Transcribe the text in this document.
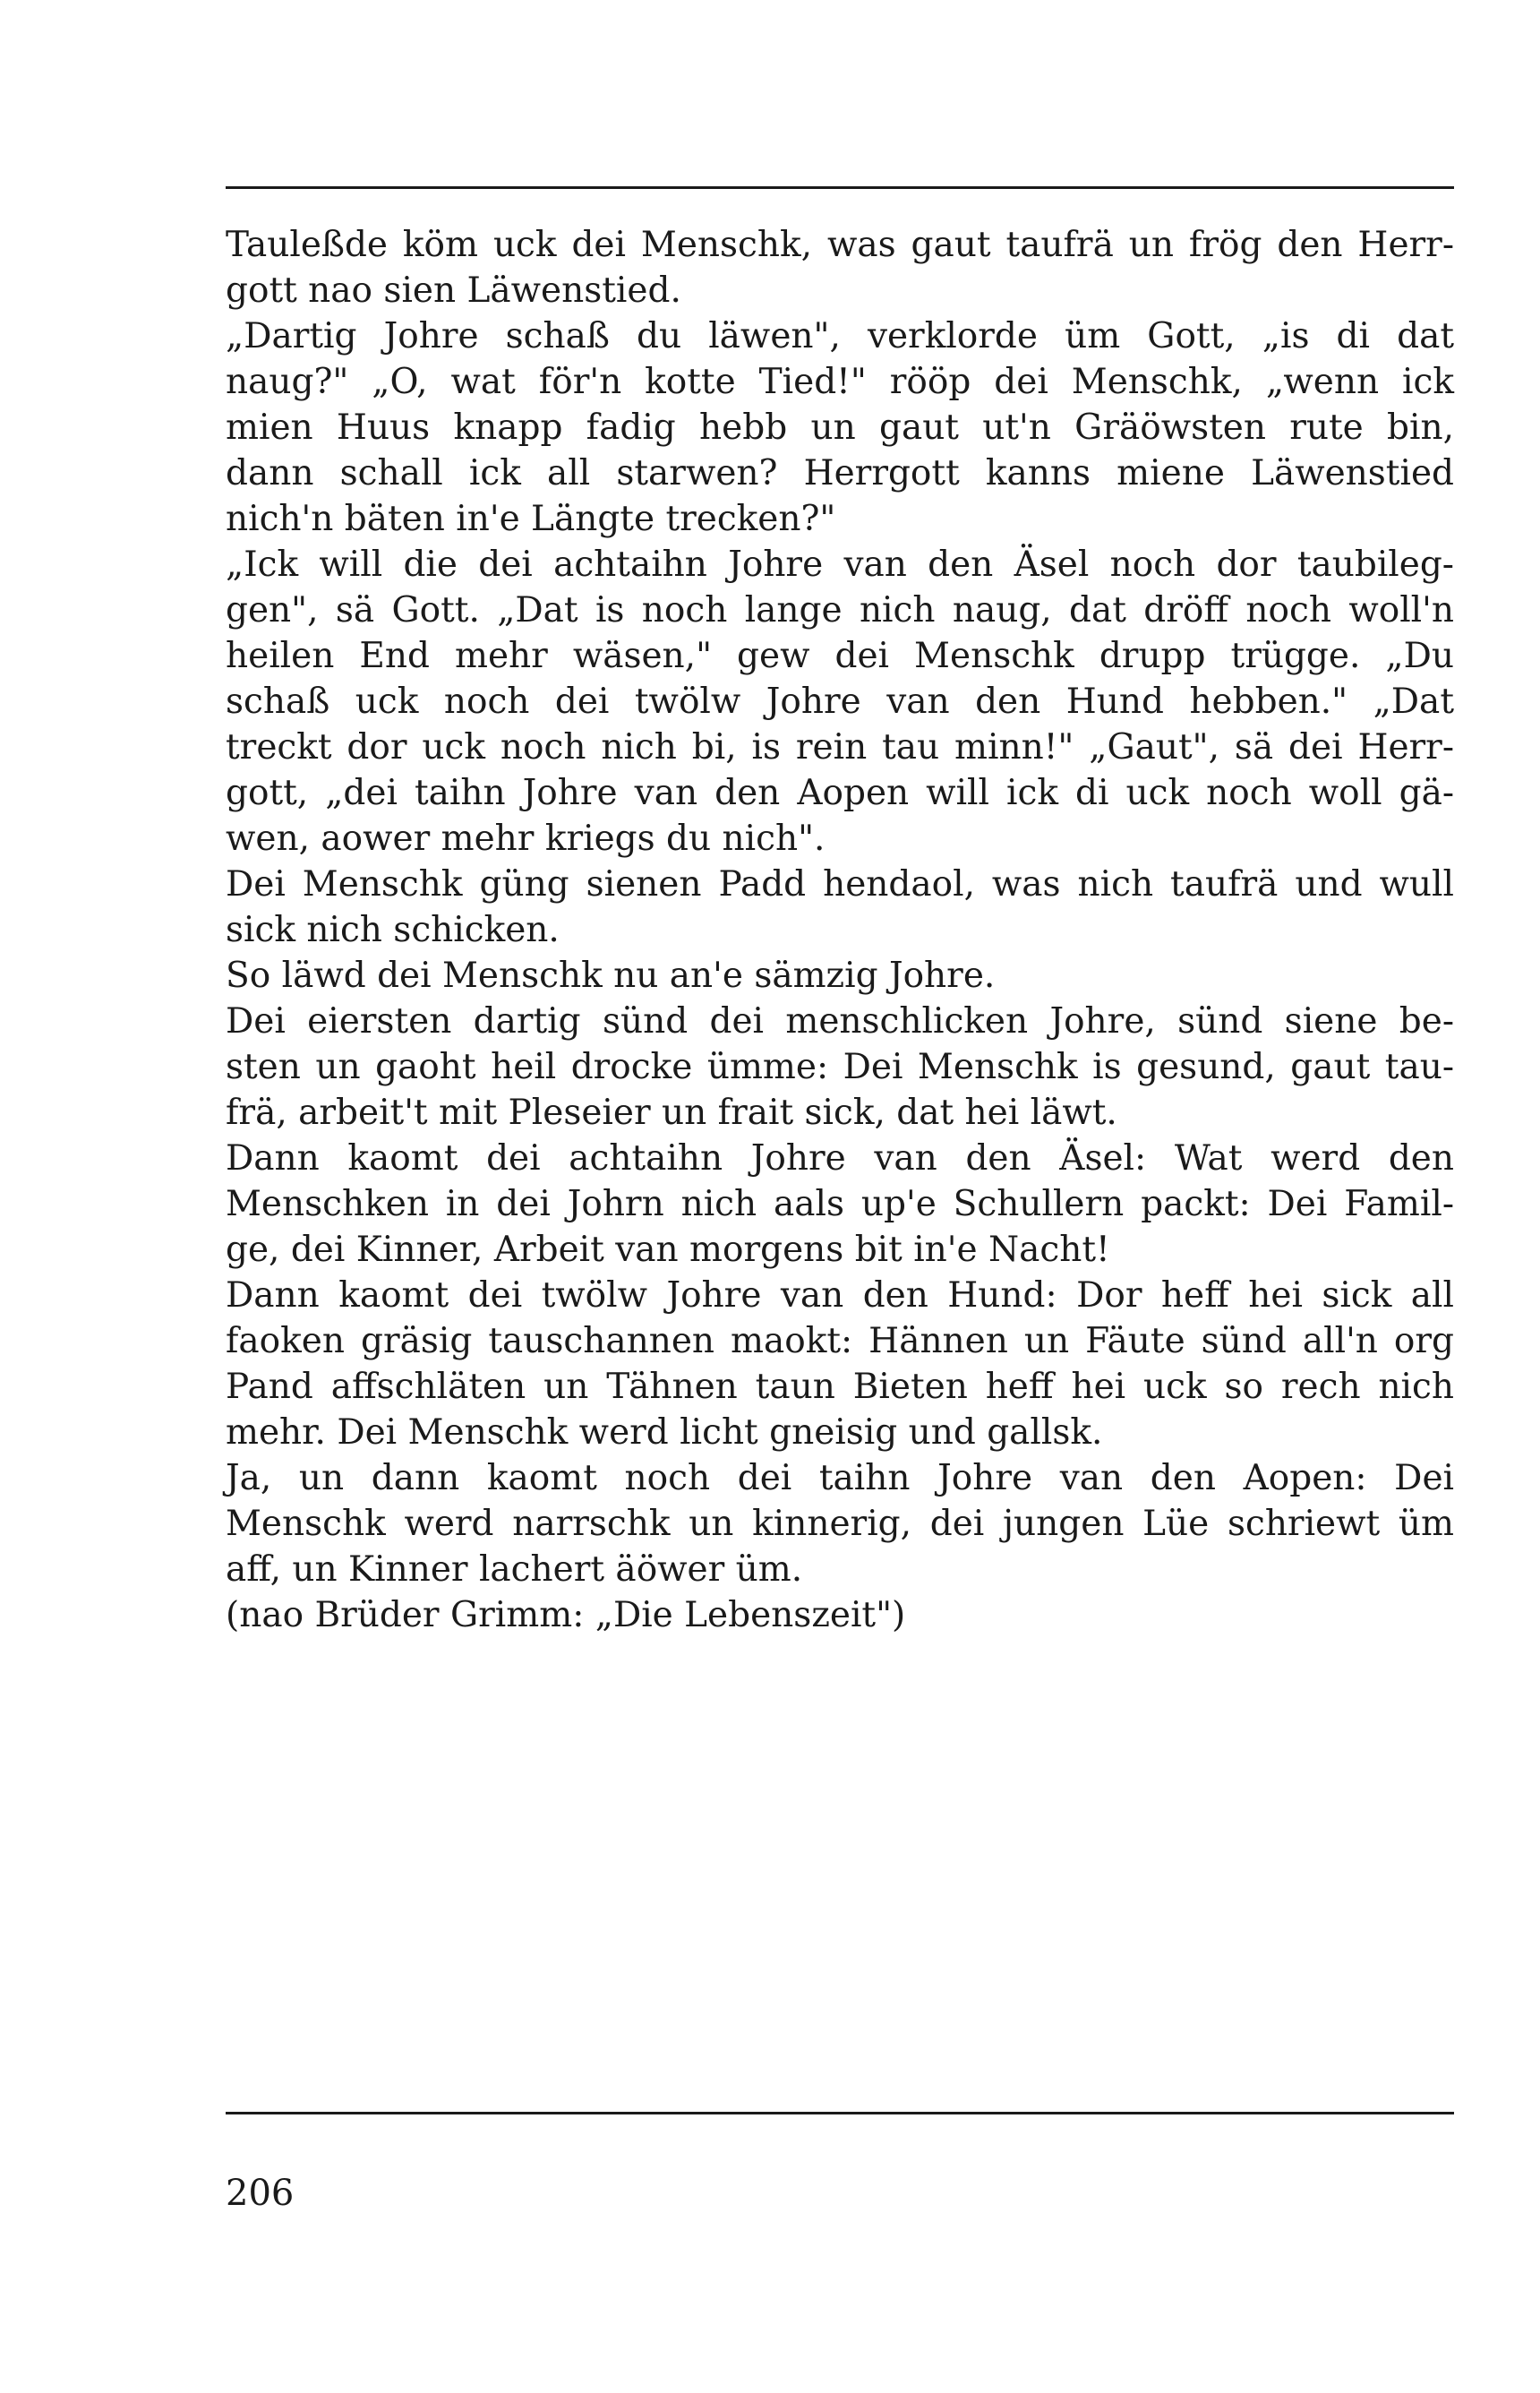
Tauleßde köm uck dei Menschk, was gaut taufrä un frög den Herr-
gott nao sien Läwenstied.
„Dartig Johre schaß du läwen", verklorde üm Gott, „is di dat
naug?" „O, wat för'n kotte Tied!" rööp dei Menschk, „wenn ick
mien Huus knapp fadig hebb un gaut ut'n Gräöwsten rute bin,
dann schall ick all starwen? Herrgott kanns miene Läwenstied
nich'n bäten in'e Längte trecken?"
„Ick will die dei achtaihn Johre van den Äsel noch dor taubileg-
gen", sä Gott. „Dat is noch lange nich naug, dat dröff noch woll'n
heilen End mehr wäsen," gew dei Menschk drupp trügge. „Du
schaß uck noch dei twölw Johre van den Hund hebben." „Dat
treckt dor uck noch nich bi, is rein tau minn!" „Gaut", sä dei Herr-
gott, „dei taihn Johre van den Aopen will ick di uck noch woll gä-
wen, aower mehr kriegs du nich".
Dei Menschk güng sienen Padd hendaol, was nich taufrä und wull
sick nich schicken.
So läwd dei Menschk nu an'e sämzig Johre.
Dei eiersten dartig sünd dei menschlicken Johre, sünd siene be-
sten un gaoht heil drocke ümme: Dei Menschk is gesund, gaut tau-
frä, arbeit't mit Pleseier un frait sick, dat hei läwt.
Dann kaomt dei achtaihn Johre van den Äsel: Wat werd den
Menschken in dei Johrn nich aals up'e Schullern packt: Dei Famil-
ge, dei Kinner, Arbeit van morgens bit in'e Nacht!
Dann kaomt dei twölw Johre van den Hund: Dor heff hei sick all
faoken gräsig tauschannen maokt: Hännen un Fäute sünd all'n org
Pand affschläten un Tähnen taun Bieten heff hei uck so rech nich
mehr. Dei Menschk werd licht gneisig und gallsk.
Ja, un dann kaomt noch dei taihn Johre van den Aopen: Dei
Menschk werd narrschk un kinnerig, dei jungen Lüe schriewt üm
aff, un Kinner lachert äöwer üm.
(nao Brüder Grimm: „Die Lebenszeit")
206
